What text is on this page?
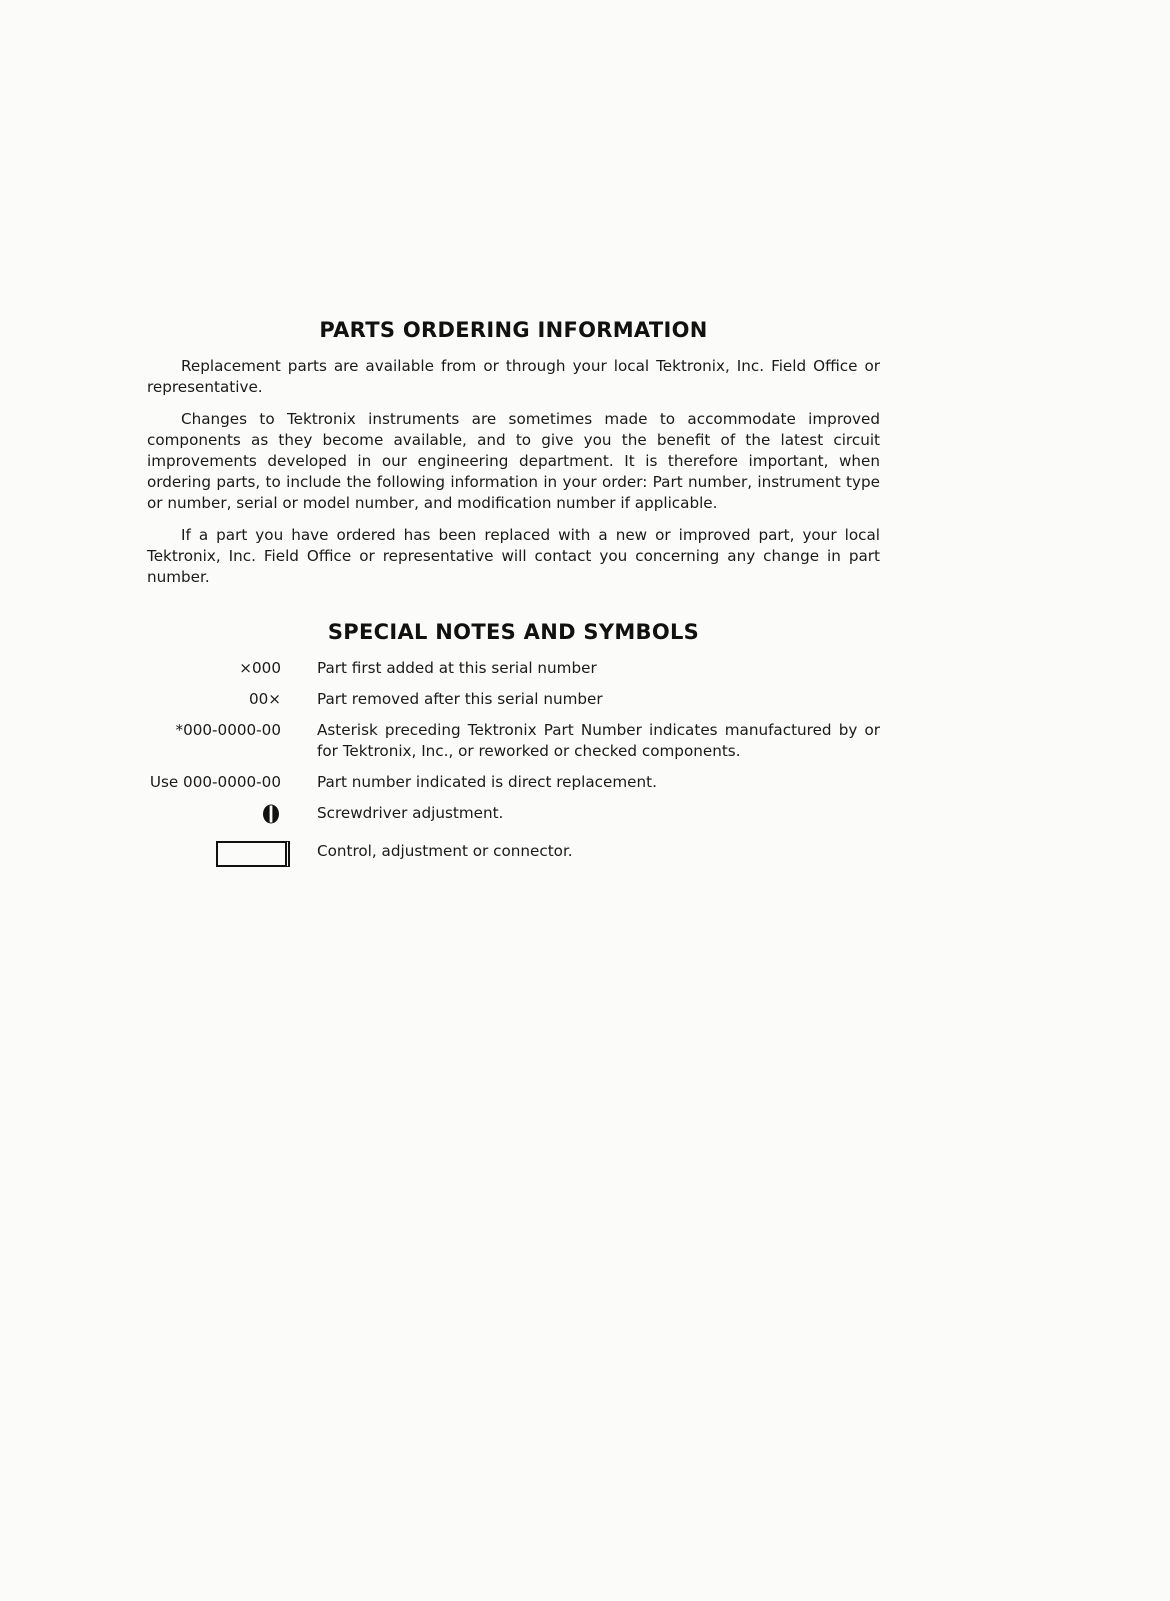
PARTS ORDERING INFORMATION

Replacement parts are available from or through your local Tektronix, Inc. Field Office or representative.

Changes to Tektronix instruments are sometimes made to accommodate improved components as they become available, and to give you the benefit of the latest circuit improvements developed in our engineering department. It is therefore important, when ordering parts, to include the following information in your order: Part number, instrument type or number, serial or model number, and modification number if applicable.

If a part you have ordered has been replaced with a new or improved part, your local Tektronix, Inc. Field Office or representative will contact you concerning any change in part number.

SPECIAL NOTES AND SYMBOLS
×000 Part first added at this serial number
00× Part removed after this serial number
*000-0000-00 Asterisk preceding Tektronix Part Number indicates manufactured by or for Tektronix, Inc., or reworked or checked components.
Use 000-0000-00 Part number indicated is direct replacement.
Screwdriver adjustment.
Control, adjustment or connector.
